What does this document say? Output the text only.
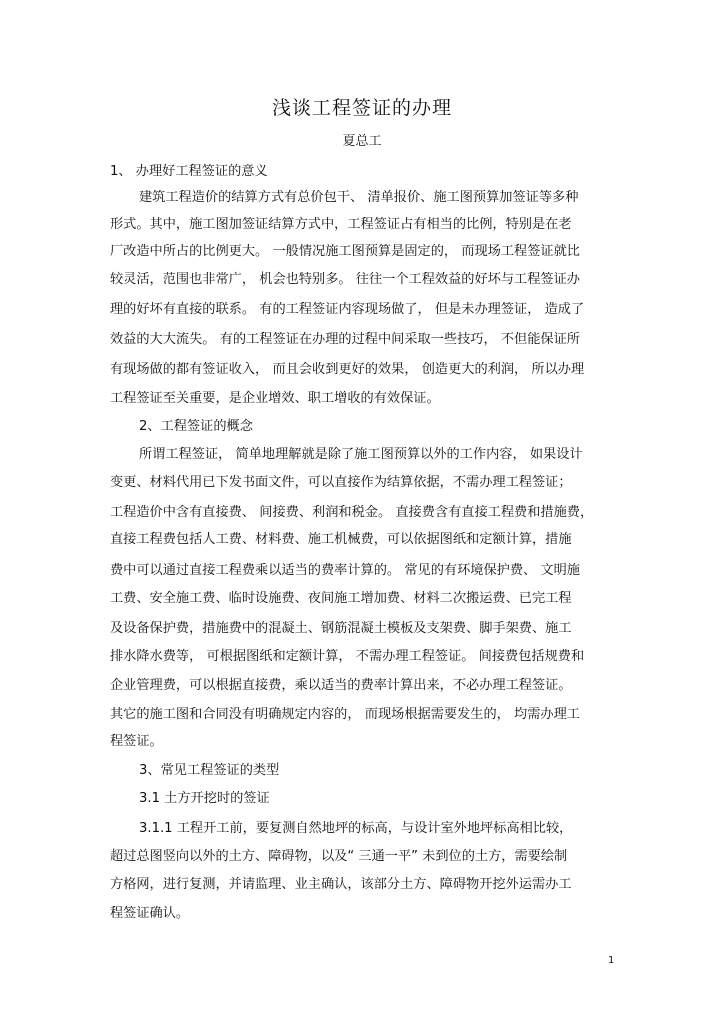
浅谈工程签证的办理
夏总工
1、 办理好工程签证的意义
建筑工程造价的结算方式有总价包干、 清单报价、施工图预算加签证等多种
形式。其中，施工图加签证结算方式中，工程签证占有相当的比例，特别是在老
厂改造中所占的比例更大。 一般情况施工图预算是固定的， 而现场工程签证就比
较灵活，范围也非常广， 机会也特别多。 往往一个工程效益的好坏与工程签证办
理的好坏有直接的联系。 有的工程签证内容现场做了， 但是未办理签证， 造成了
效益的大大流失。 有的工程签证在办理的过程中间采取一些技巧， 不但能保证所
有现场做的都有签证收入， 而且会收到更好的效果， 创造更大的利润， 所以办理
工程签证至关重要，是企业增效、职工增收的有效保证。
2、工程签证的概念
所谓工程签证， 简单地理解就是除了施工图预算以外的工作内容， 如果设计
变更、材料代用已下发书面文件，可以直接作为结算依据，不需办理工程签证；
工程造价中含有直接费、 间接费、利润和税金。 直接费含有直接工程费和措施费，
直接工程费包括人工费、材料费、施工机械费，可以依据图纸和定额计算，措施
费中可以通过直接工程费乘以适当的费率计算的。 常见的有环境保护费、 文明施
工费、安全施工费、临时设施费、夜间施工增加费、材料二次搬运费、已完工程
及设备保护费，措施费中的混凝土、钢筋混凝土模板及支架费、脚手架费、施工
排水降水费等， 可根据图纸和定额计算， 不需办理工程签证。 间接费包括规费和
企业管理费，可以根据直接费，乘以适当的费率计算出来，不必办理工程签证。
其它的施工图和合同没有明确规定内容的， 而现场根据需要发生的， 均需办理工
程签证。
3、常见工程签证的类型
3.1 土方开挖时的签证
3.1.1 工程开工前，要复测自然地坪的标高，与设计室外地坪标高相比较，
超过总图竖向以外的土方、障碍物，以及“ 三通一平” 未到位的土方，需要绘制
方格网，进行复测，并请监理、业主确认，该部分土方、障碍物开挖外运需办工
程签证确认。
1
